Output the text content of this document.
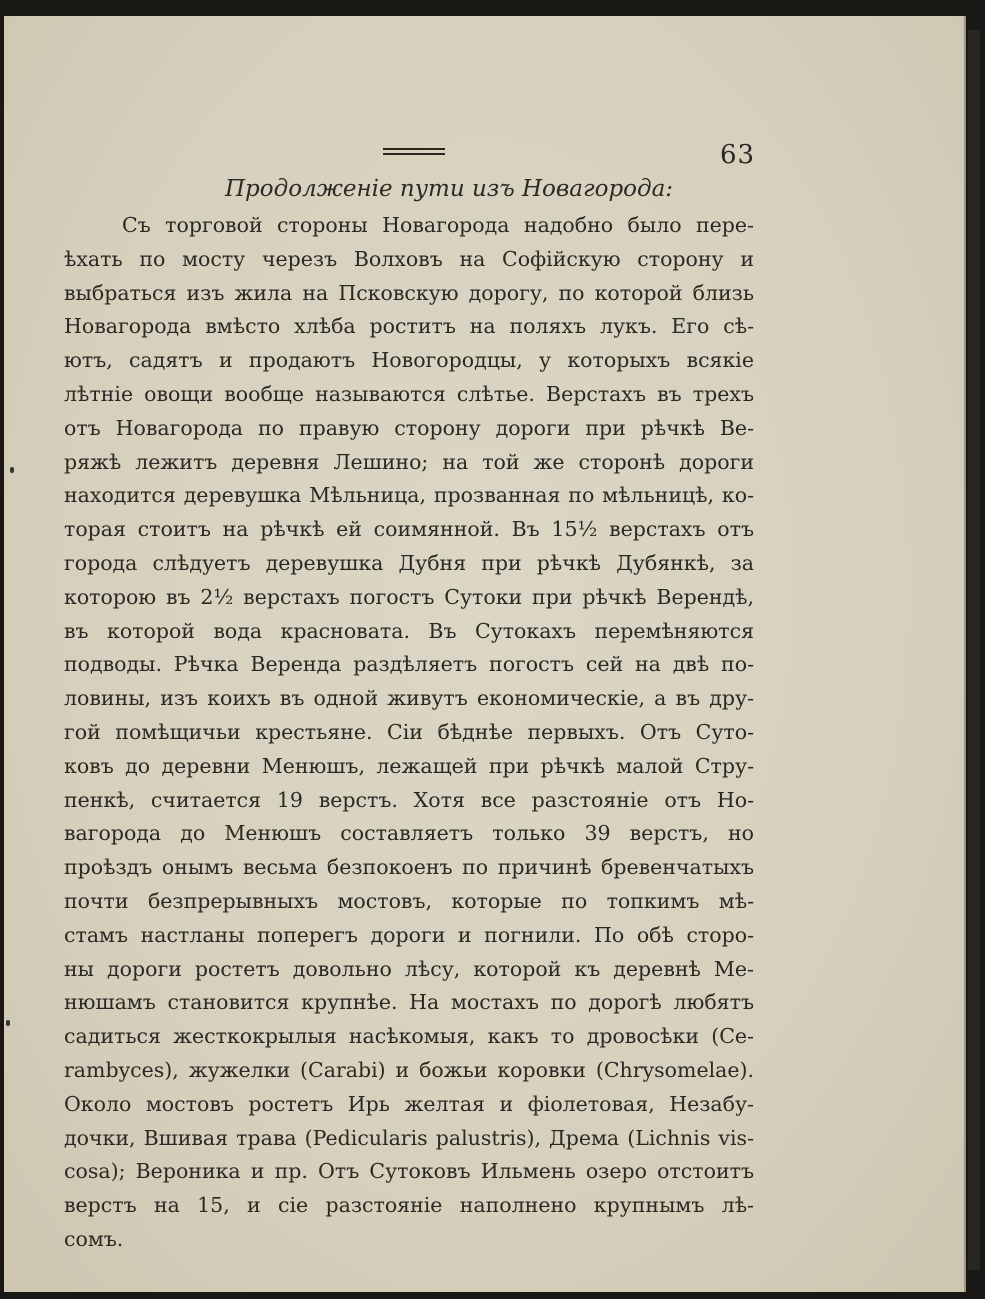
63
Продолженіе пути изъ Новагорода:
Съ торговой стороны Новагорода надобно было пере-
ѣхать по мосту черезъ Волховъ на Софійскую сторону и
выбраться изъ жила на Псковскую дорогу, по которой близь
Новагорода вмѣсто хлѣба роститъ на поляхъ лукъ. Его сѣ-
ютъ, садятъ и продаютъ Новогородцы, у которыхъ всякіе
лѣтніе овощи вообще называются слѣтье. Верстахъ въ трехъ
отъ Новагорода по правую сторону дороги при рѣчкѣ Ве-
ряжѣ лежитъ деревня Лешино; на той же сторонѣ дороги
находится деревушка Мѣльница, прозванная по мѣльницѣ, ко-
торая стоитъ на рѣчкѣ ей соимянной. Въ 15½ верстахъ отъ
города слѣдуетъ деревушка Дубня при рѣчкѣ Дубянкѣ, за
которою въ 2½ верстахъ погостъ Сутоки при рѣчкѣ Верендѣ,
въ которой вода красновата. Въ Сутокахъ перемѣняются
подводы. Рѣчка Веренда раздѣляетъ погостъ сей на двѣ по-
ловины, изъ коихъ въ одной живутъ економическіе, а въ дру-
гой помѣщичьи крестьяне. Сіи бѣднѣе первыхъ. Отъ Суто-
ковъ до деревни Менюшъ, лежащей при рѣчкѣ малой Стру-
пенкѣ, считается 19 верстъ. Хотя все разстояніе отъ Но-
вагорода до Менюшъ составляетъ только 39 верстъ, но
проѣздъ онымъ весьма безпокоенъ по причинѣ бревенчатыхъ
почти безпрерывныхъ мостовъ, которые по топкимъ мѣ-
стамъ настланы поперегъ дороги и погнили. По обѣ сторо-
ны дороги ростетъ довольно лѣсу, которой къ деревнѣ Ме-
нюшамъ становится крупнѣе. На мостахъ по дорогѣ любятъ
садиться жесткокрылыя насѣкомыя, какъ то дровосѣки (Ce-
rambyces), жужелки (Carabi) и божьи коровки (Chrysomelae).
Около мостовъ ростетъ Ирь желтая и фіолетовая, Незабу-
дочки, Вшивая трава (Pedicularis palustris), Дрема (Lichnis vis-
cosa); Вероника и пр. Отъ Сутоковъ Ильмень озеро отстоитъ
верстъ на 15, и сіе разстояніе наполнено крупнымъ лѣ-
сомъ.
